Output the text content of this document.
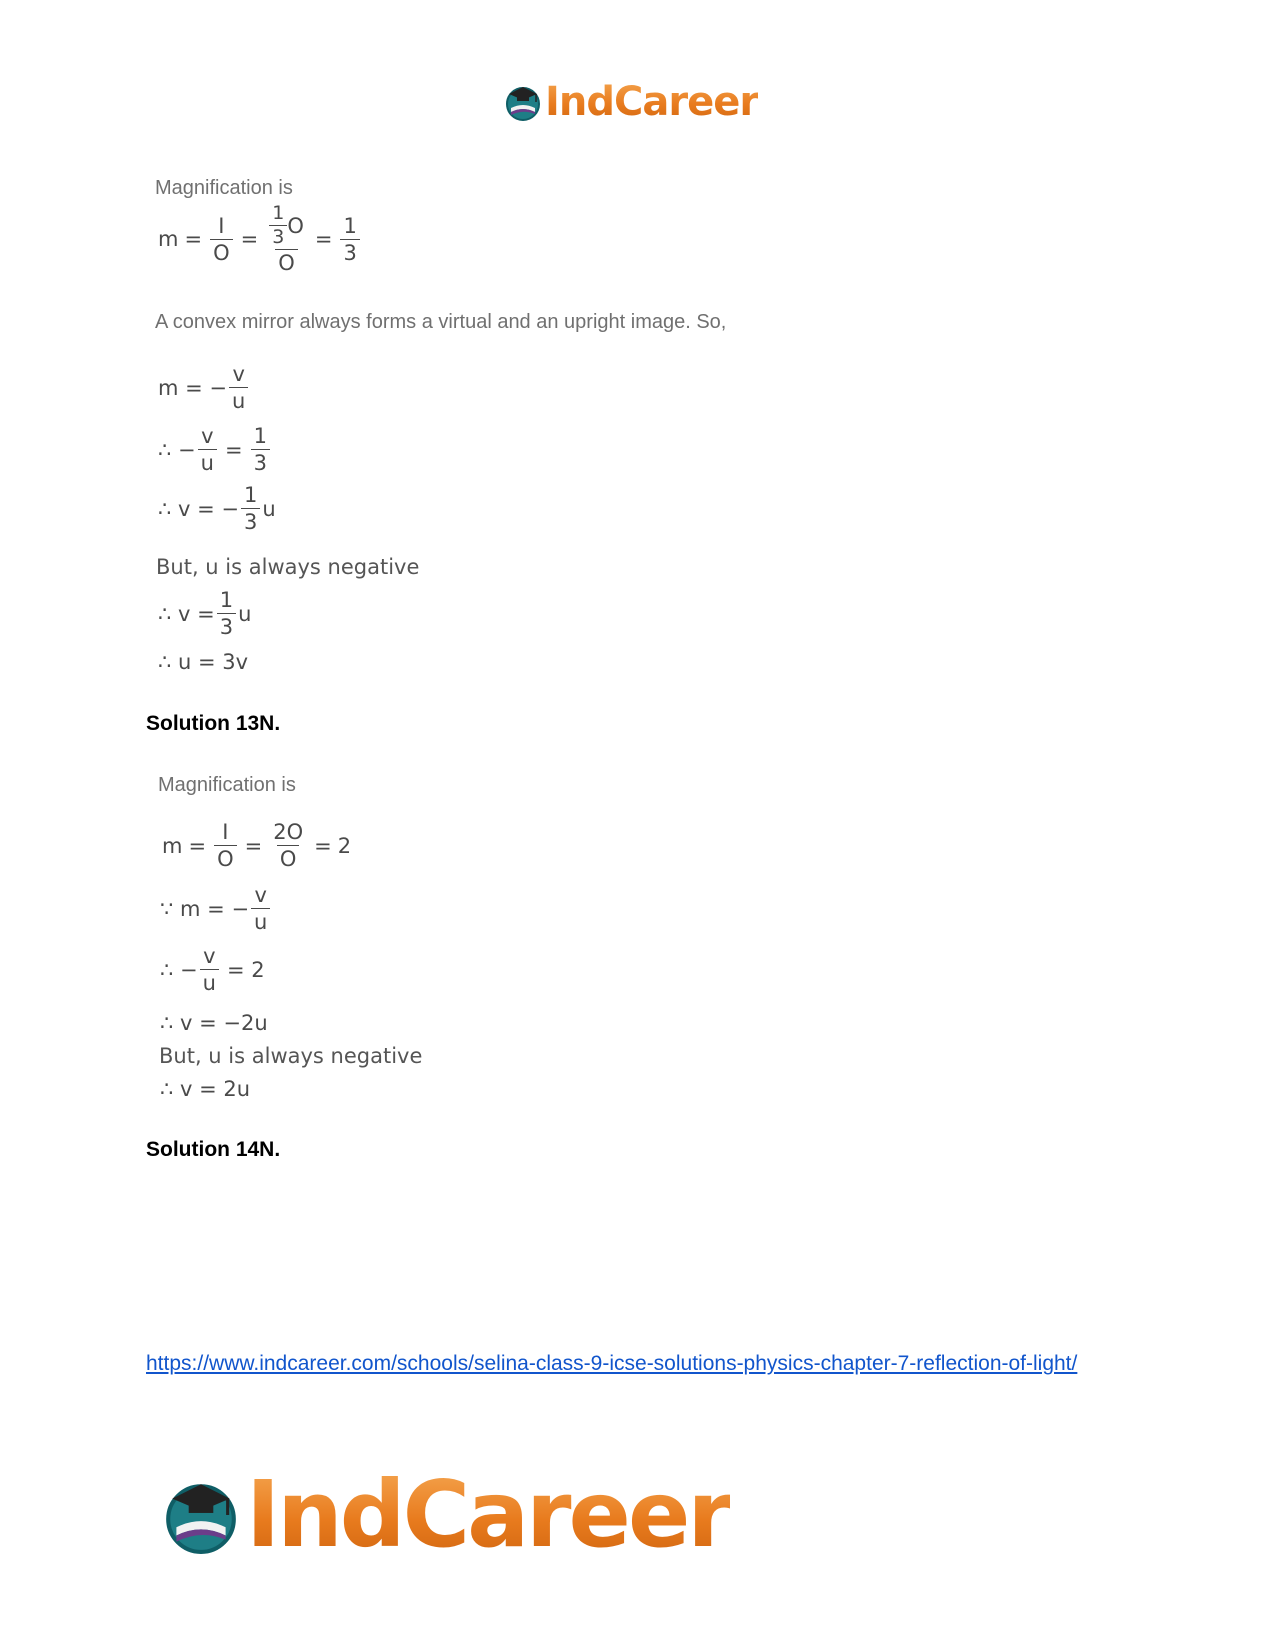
IndCareer
Magnification is
$m = \frac{I}{O} = \frac{\frac{1}{3} O}{O} = \frac{1}{3}$
A convex mirror always forms a virtual and an upright image. So,
m = − $\frac{v}{u}$
∴ − $\frac{v}{u} = \frac{1}{3}$
∴ v = − $\frac{1}{3}$ u
But, u is always negative
∴ $v = \frac{1}{3}$ u
∴ u = 3v
Solution 13N.
Magnification is
$m = \frac{I}{O} = \frac{2O}{O} = 2$
∵ m = − $\frac{v}{u}$
∴ − $\frac{v}{u} = 2$
∴ v = −2u
But, u is always negative
∴ v = 2u
Solution 14N.
https://www.indcareer.com/schools/selina-class-9-icse-solutions-physics-chapter-7-reflection-of-light/
IndCareer
